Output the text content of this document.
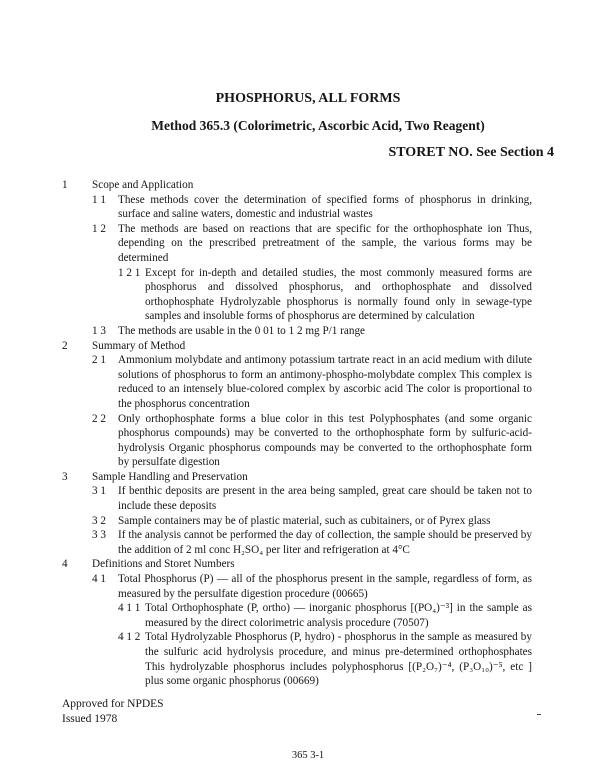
PHOSPHORUS, ALL FORMS
Method 365.3 (Colorimetric, Ascorbic Acid, Two Reagent)
STORET NO. See Section 4
1 Scope and Application
1 1 These methods cover the determination of specified forms of phosphorus in drinking, surface and saline waters, domestic and industrial wastes
1 2 The methods are based on reactions that are specific for the orthophosphate ion Thus, depending on the prescribed pretreatment of the sample, the various forms may be determined
1 2 1 Except for in-depth and detailed studies, the most commonly measured forms are phosphorus and dissolved phosphorus, and orthophosphate and dissolved orthophosphate Hydrolyzable phosphorus is normally found only in sewage-type samples and insoluble forms of phosphorus are determined by calculation
1 3 The methods are usable in the 0 01 to 1 2 mg P/1 range
2 Summary of Method
2 1 Ammonium molybdate and antimony potassium tartrate react in an acid medium with dilute solutions of phosphorus to form an antimony-phospho-molybdate complex This complex is reduced to an intensely blue-colored complex by ascorbic acid The color is proportional to the phosphorus concentration
2 2 Only orthophosphate forms a blue color in this test Polyphosphates (and some organic phosphorus compounds) may be converted to the orthophosphate form by sulfuric-acid-hydrolysis Organic phosphorus compounds may be converted to the orthophosphate form by persulfate digestion
3 Sample Handling and Preservation
3 1 If benthic deposits are present in the area being sampled, great care should be taken not to include these deposits
3 2 Sample containers may be of plastic material, such as cubitainers, or of Pyrex glass
3 3 If the analysis cannot be performed the day of collection, the sample should be preserved by the addition of 2 ml conc H₂SO₄ per liter and refrigeration at 4°C
4 Definitions and Storet Numbers
4 1 Total Phosphorus (P) — all of the phosphorus present in the sample, regardless of form, as measured by the persulfate digestion procedure (00665)
4 1 1 Total Orthophosphate (P, ortho) — inorganic phosphorus [(PO₄)⁻³] in the sample as measured by the direct colorimetric analysis procedure (70507)
4 1 2 Total Hydrolyzable Phosphorus (P, hydro) - phosphorus in the sample as measured by the sulfuric acid hydrolysis procedure, and minus pre-determined orthophosphates This hydrolyzable phosphorus includes polyphosphorus [(P₂O₇)⁻⁴, (P₃O₁₀)⁻⁵, etc ] plus some organic phosphorus (00669)
Approved for NPDES
Issued 1978
365 3-1
